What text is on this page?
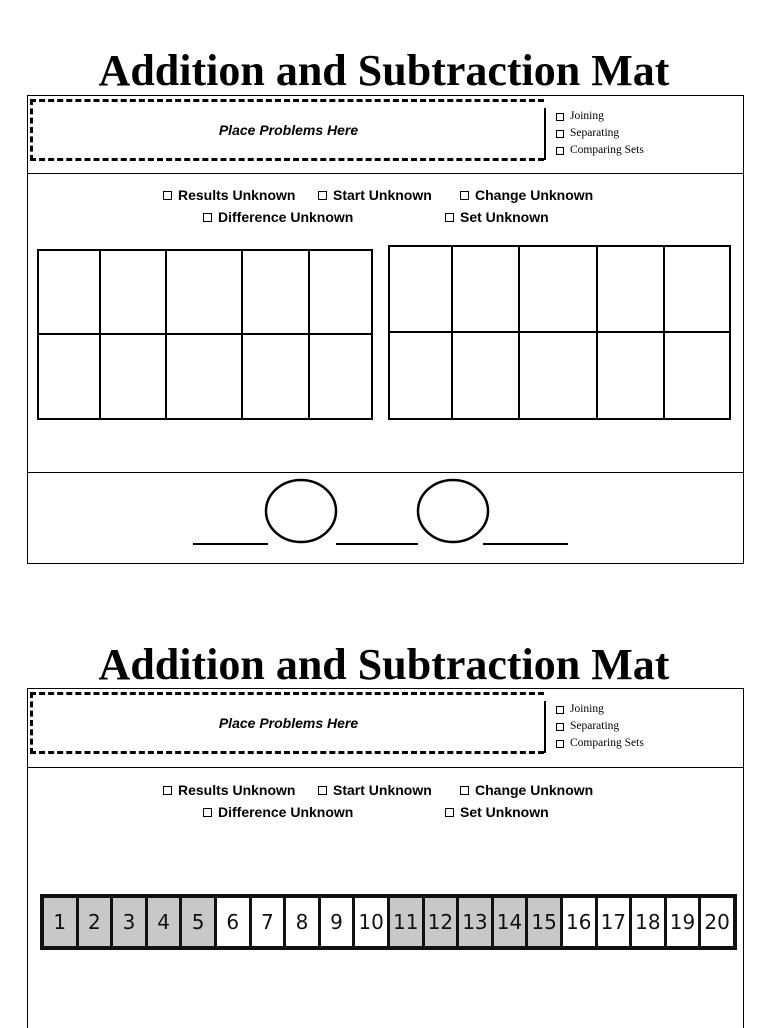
Addition and Subtraction Mat
Place Problems Here
Joining
Separating
Comparing Sets
Results Unknown	Start Unknown	Change Unknown
Difference Unknown	Set Unknown
Addition and Subtraction Mat
Place Problems Here
Joining
Separating
Comparing Sets
Results Unknown	Start Unknown	Change Unknown
Difference Unknown	Set Unknown
1	2	3	4	5	6	7	8	9 10 11 12 13 14 15 16 17 18 19 20
